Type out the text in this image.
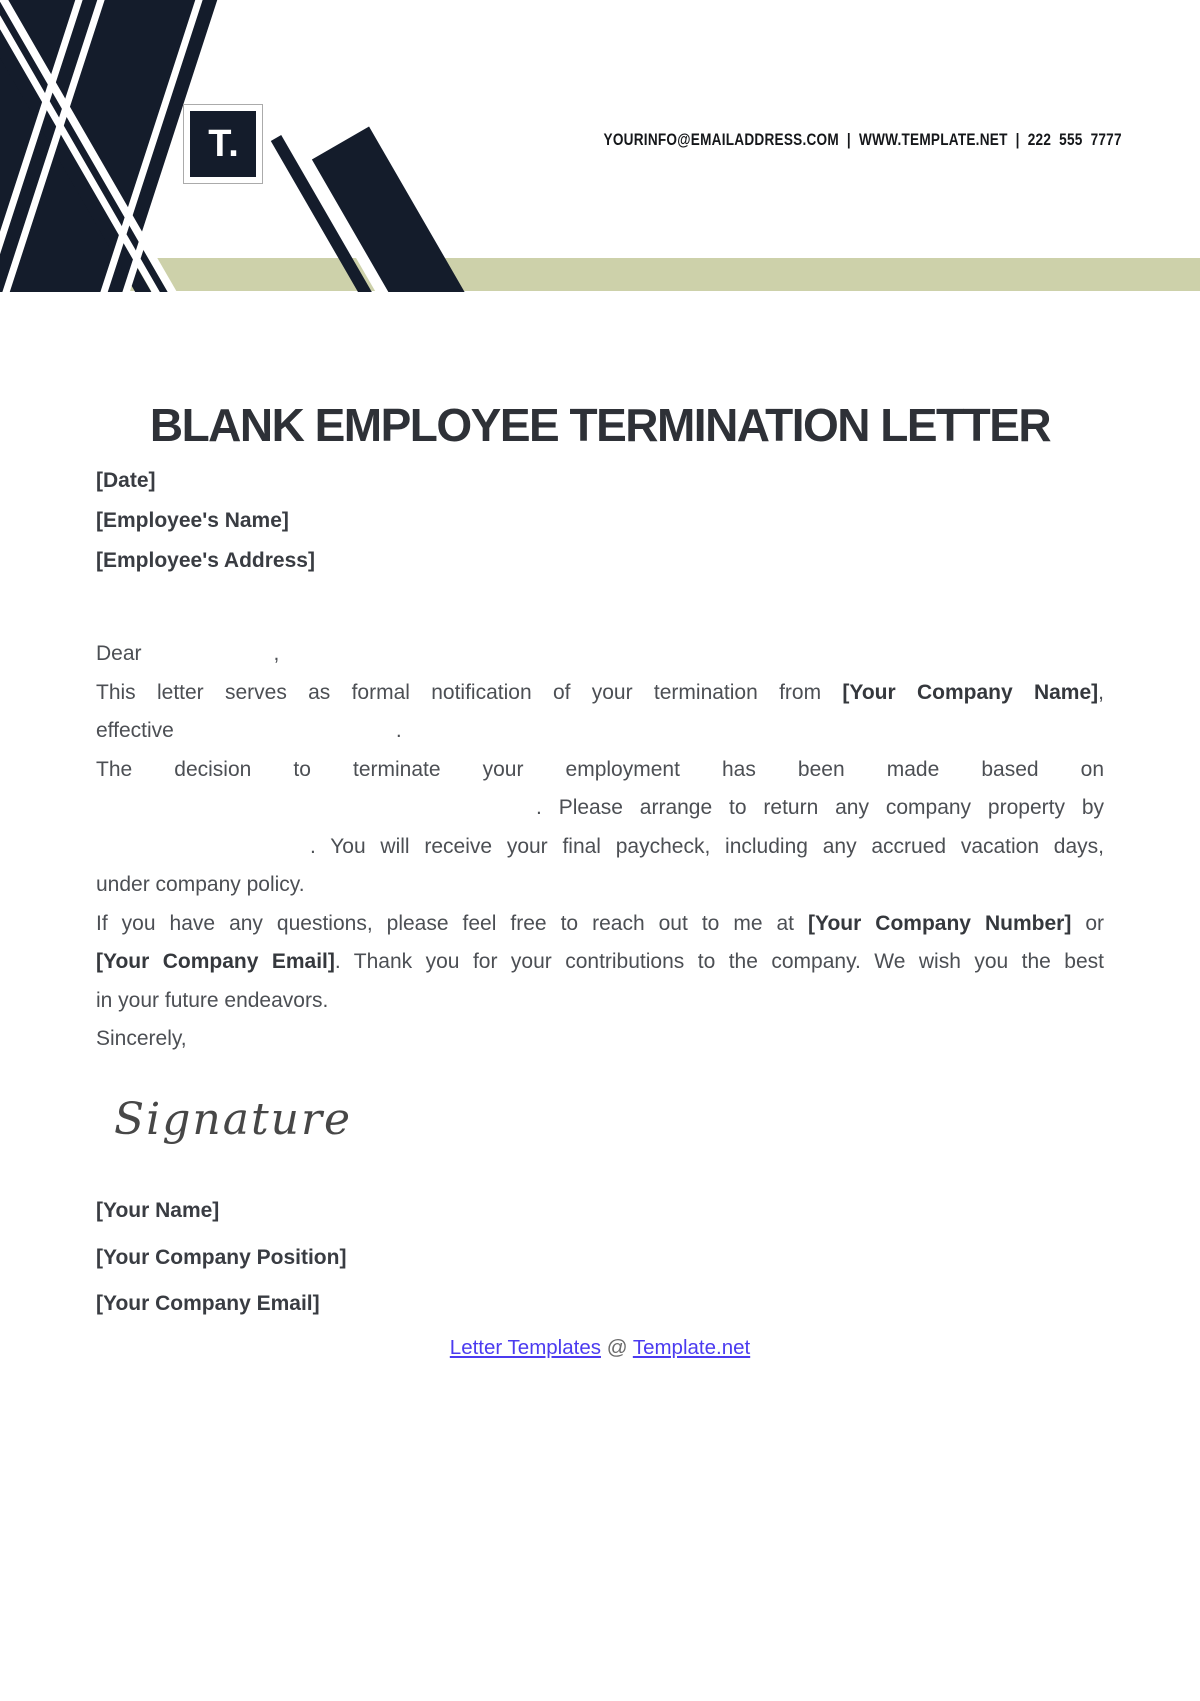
T.	YOURINFO@EMAILADDRESS.COM | WWW.TEMPLATE.NET | 222 555 7777
BLANK EMPLOYEE TERMINATION LETTER
[Date]
[Employee's Name]
[Employee's Address]
Dear	,
This letter serves as formal notification of your termination from [Your Company Name],
effective	.
The decision to terminate your employment has been made based on
. Please arrange to return any company property by
. You will receive your final paycheck, including any accrued vacation days,
under company policy.
If you have any questions, please feel free to reach out to me at [Your Company Number] or
[Your Company Email]. Thank you for your contributions to the company. We wish you the best
in your future endeavors.
Sincerely,
Signature
[Your Name]
[Your Company Position]
[Your Company Email]
Letter Templates @ Template.net
